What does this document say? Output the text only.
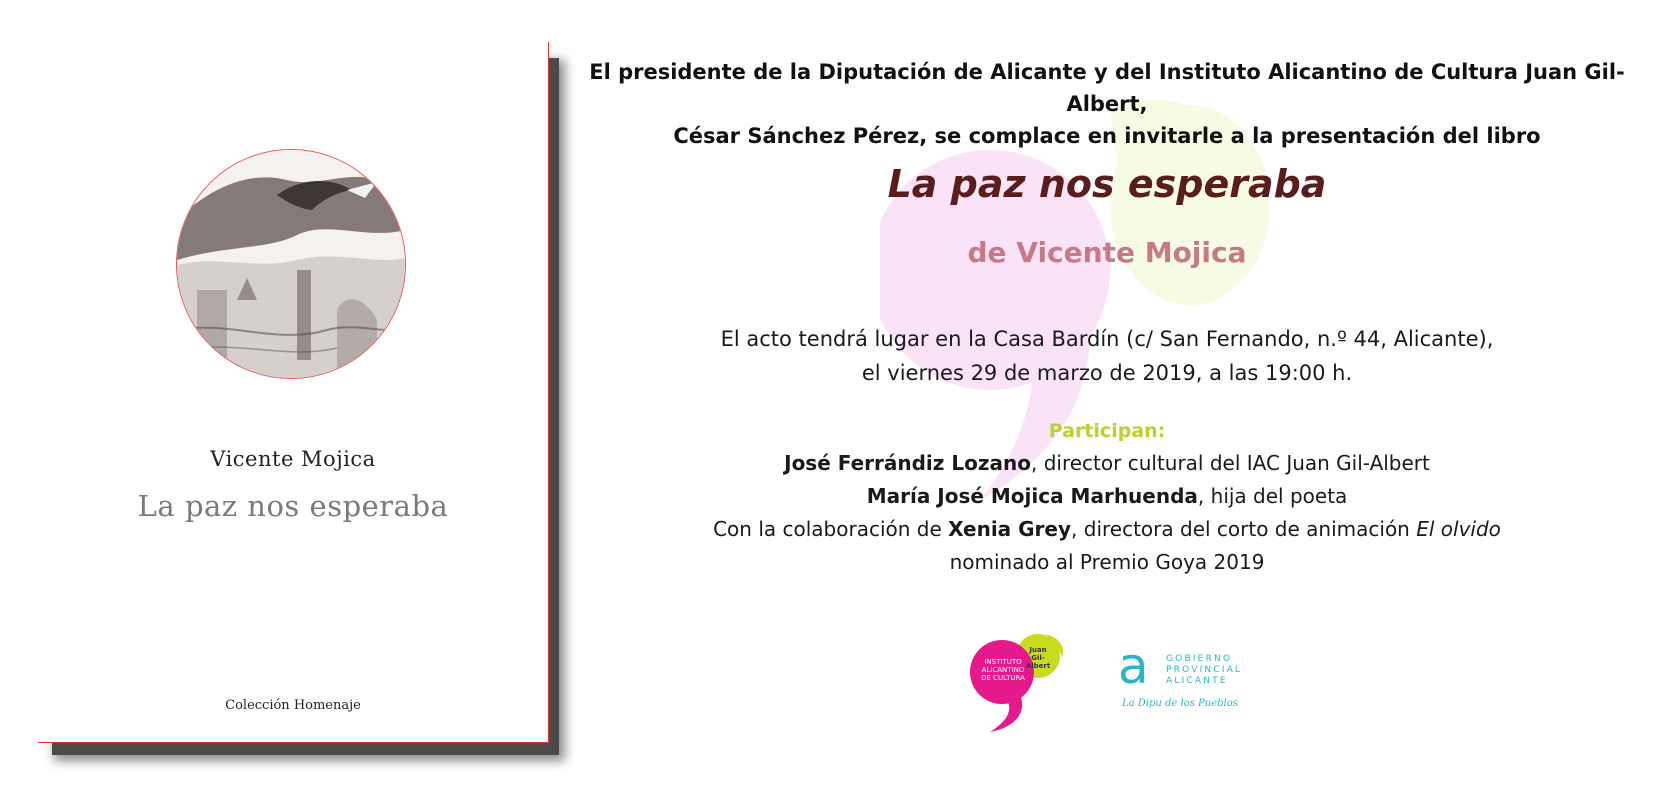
Vicente Mojica
La paz nos esperaba
Colección Homenaje
El presidente de la Diputación de Alicante y del Instituto Alicantino de Cultura Juan Gil-Albert,
César Sánchez Pérez, se complace en invitarle a la presentación del libro
La paz nos esperaba
de Vicente Mojica
El acto tendrá lugar en la Casa Bardín (c/ San Fernando, n.º 44, Alicante),
el viernes 29 de marzo de 2019, a las 19:00 h.
Participan:
José Ferrándiz Lozano, director cultural del IAC Juan Gil-Albert
María José Mojica Marhuenda, hija del poeta
Con la colaboración de Xenia Grey, directora del corto de animación El olvido
nominado al Premio Goya 2019
INSTITUTO
ALICANTINO
DE CULTURA
Juan
Gil-Albert a GOBIERNO
PROVINCIAL
ALICANTE
La Dipu de los Pueblos
